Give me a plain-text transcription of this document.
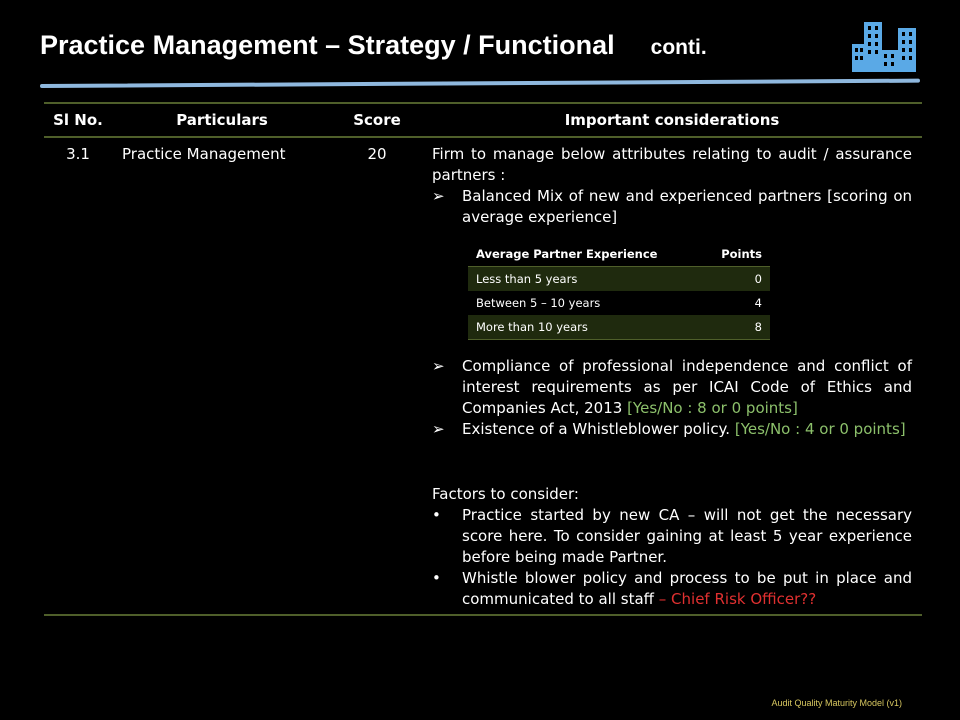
Practice Management – Strategy / Functional conti.
Sl No.	Particulars	Score	Important considerations
3.1	Practice Management	20	Firm to manage below attributes relating to audit / assurance partners :
➢	Balanced Mix of new and experienced partners [scoring on average experience]
Average Partner Experience	Points
Less than 5 years	0
Between 5 – 10 years	4
More than 10 years	8
➢	Compliance of professional independence and conflict of interest requirements as per ICAI Code of Ethics and Companies Act, 2013 [Yes/No : 8 or 0 points]
➢	Existence of a Whistleblower policy. [Yes/No : 4 or 0 points]
Factors to consider:
•	Practice started by new CA – will not get the necessary score here. To consider gaining at least 5 year experience before being made Partner.
•	Whistle blower policy and process to be put in place and communicated to all staff – Chief Risk Officer??
Audit Quality Maturity Model (v1)
